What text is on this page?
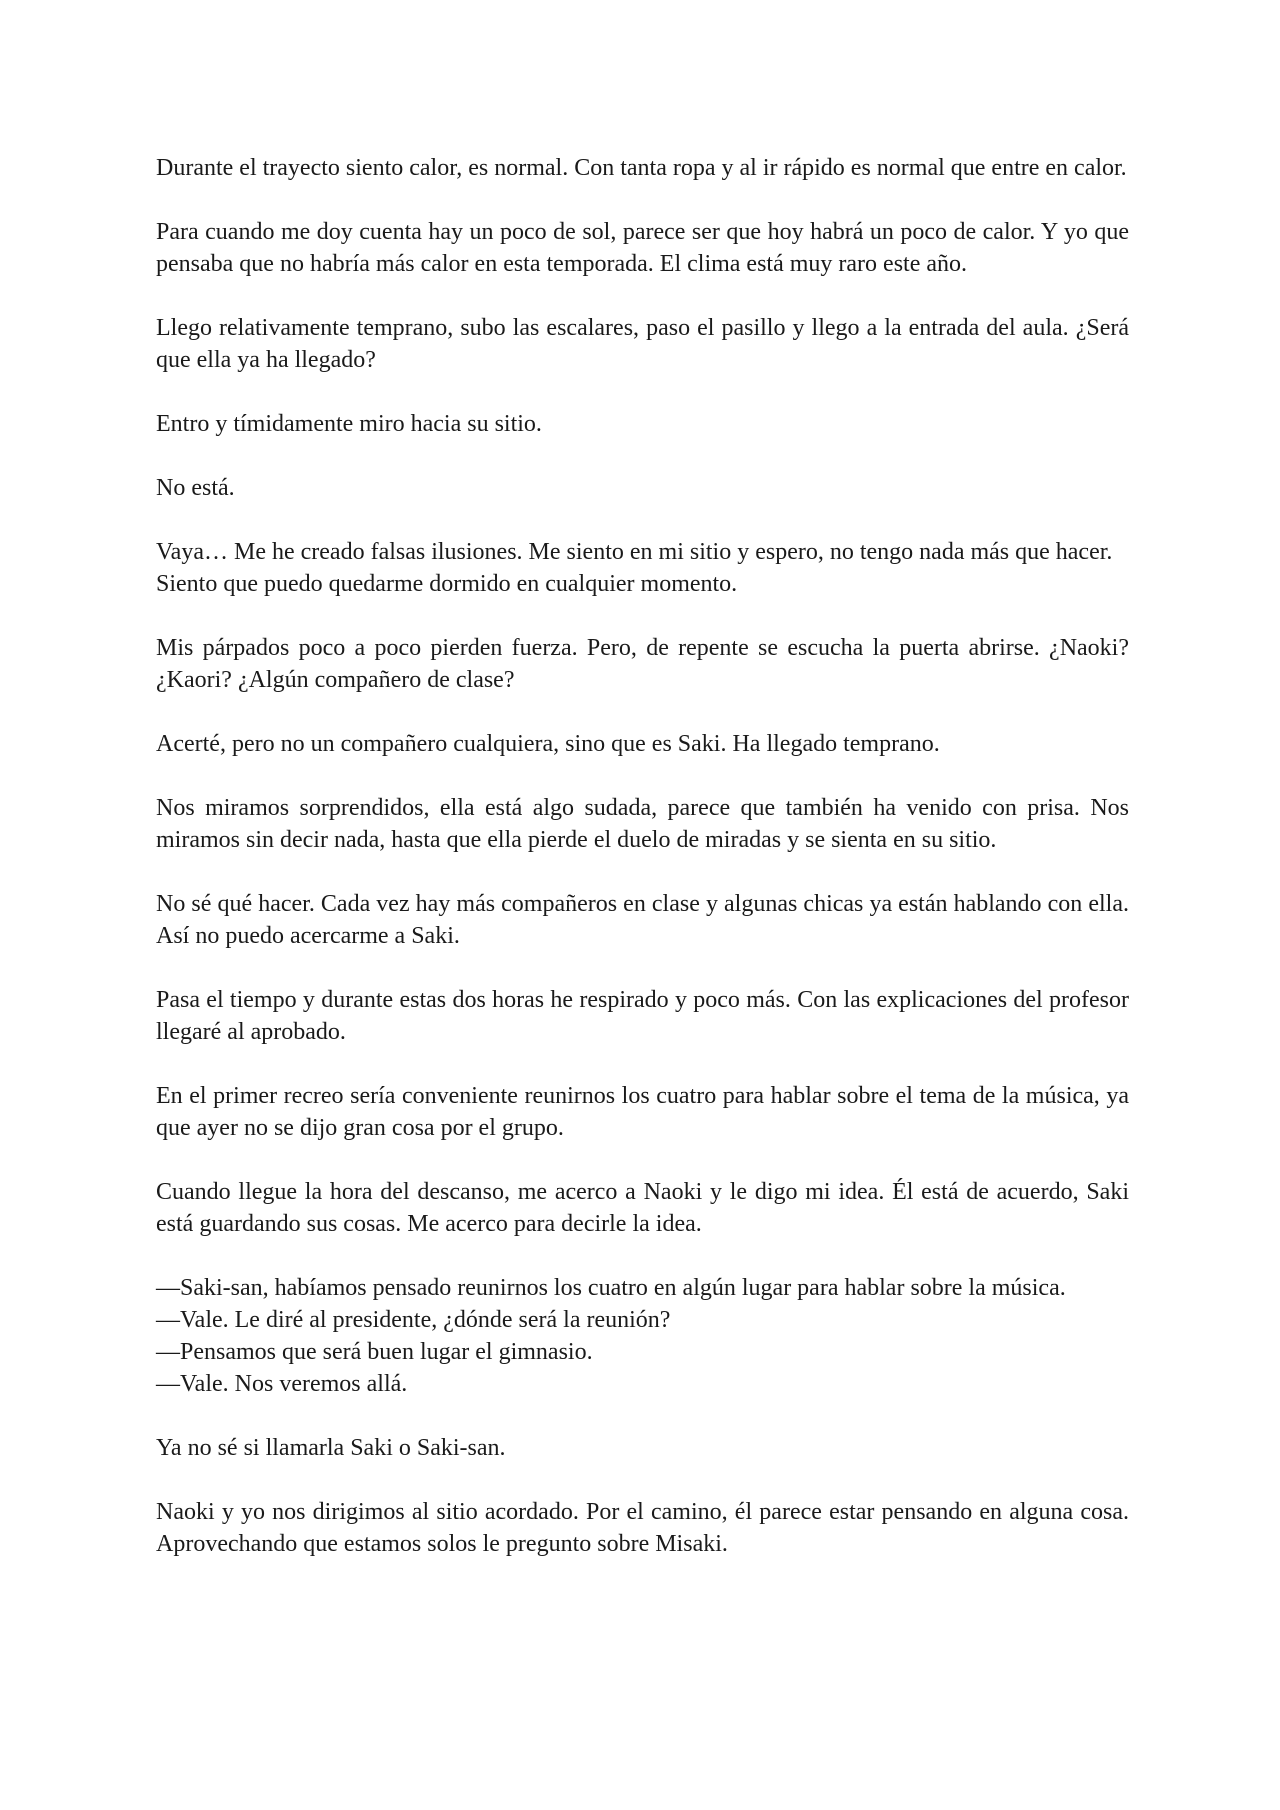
Durante el trayecto siento calor, es normal. Con tanta ropa y al ir rápido es normal que entre en calor.

Para cuando me doy cuenta hay un poco de sol, parece ser que hoy habrá un poco de calor. Y yo que pensaba que no habría más calor en esta temporada. El clima está muy raro este año.

Llego relativamente temprano, subo las escalares, paso el pasillo y llego a la entrada del aula. ¿Será que ella ya ha llegado?

Entro y tímidamente miro hacia su sitio.

No está.

Vaya… Me he creado falsas ilusiones. Me siento en mi sitio y espero, no tengo nada más que hacer.
Siento que puedo quedarme dormido en cualquier momento.

Mis párpados poco a poco pierden fuerza. Pero, de repente se escucha la puerta abrirse. ¿Naoki? ¿Kaori? ¿Algún compañero de clase?

Acerté, pero no un compañero cualquiera, sino que es Saki. Ha llegado temprano.

Nos miramos sorprendidos, ella está algo sudada, parece que también ha venido con prisa. Nos miramos sin decir nada, hasta que ella pierde el duelo de miradas y se sienta en su sitio.

No sé qué hacer. Cada vez hay más compañeros en clase y algunas chicas ya están hablando con ella. Así no puedo acercarme a Saki.

Pasa el tiempo y durante estas dos horas he respirado y poco más. Con las explicaciones del profesor llegaré al aprobado.

En el primer recreo sería conveniente reunirnos los cuatro para hablar sobre el tema de la música, ya que ayer no se dijo gran cosa por el grupo.

Cuando llegue la hora del descanso, me acerco a Naoki y le digo mi idea. Él está de acuerdo, Saki está guardando sus cosas. Me acerco para decirle la idea.

—Saki-san, habíamos pensado reunirnos los cuatro en algún lugar para hablar sobre la música.
—Vale. Le diré al presidente, ¿dónde será la reunión?
—Pensamos que será buen lugar el gimnasio.
—Vale. Nos veremos allá.

Ya no sé si llamarla Saki o Saki-san.

Naoki y yo nos dirigimos al sitio acordado. Por el camino, él parece estar pensando en alguna cosa. Aprovechando que estamos solos le pregunto sobre Misaki.
